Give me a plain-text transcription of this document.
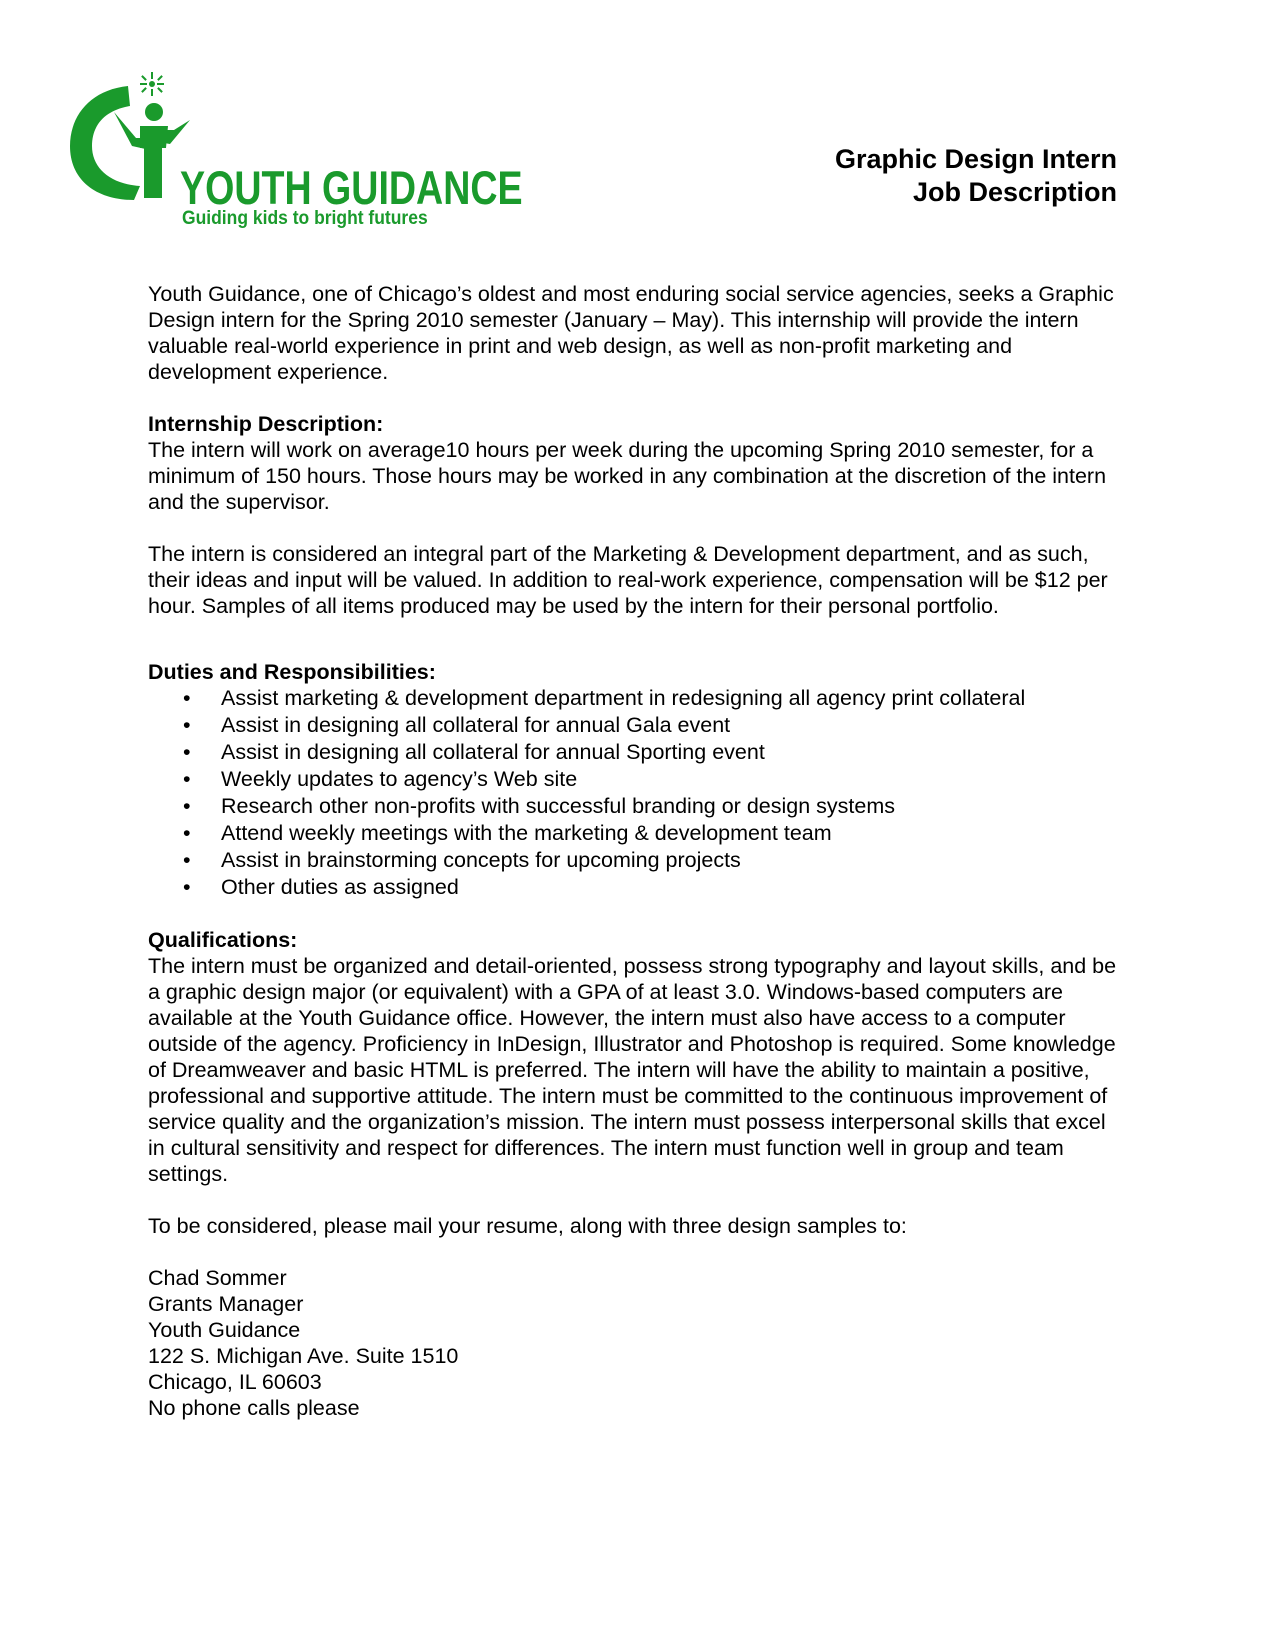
YOUTH GUIDANCE
Guiding kids to bright futures
Graphic Design Intern
Job Description

Youth Guidance, one of Chicago’s oldest and most enduring social service agencies, seeks a Graphic Design intern for the Spring 2010 semester (January – May). This internship will provide the intern valuable real-world experience in print and web design, as well as non-profit marketing and development experience.

Internship Description:

The intern will work on average10 hours per week during the upcoming Spring 2010 semester, for a minimum of 150 hours. Those hours may be worked in any combination at the discretion of the intern and the supervisor.

The intern is considered an integral part of the Marketing & Development department, and as such, their ideas and input will be valued. In addition to real-work experience, compensation will be $12 per hour. Samples of all items produced may be used by the intern for their personal portfolio.

Duties and Responsibilities:

• Assist marketing & development department in redesigning all agency print collateral
• Assist in designing all collateral for annual Gala event
• Assist in designing all collateral for annual Sporting event
• Weekly updates to agency’s Web site
• Research other non-profits with successful branding or design systems
• Attend weekly meetings with the marketing & development team
• Assist in brainstorming concepts for upcoming projects
• Other duties as assigned

Qualifications:

The intern must be organized and detail-oriented, possess strong typography and layout skills, and be a graphic design major (or equivalent) with a GPA of at least 3.0. Windows-based computers are available at the Youth Guidance office. However, the intern must also have access to a computer outside of the agency. Proficiency in InDesign, Illustrator and Photoshop is required. Some knowledge of Dreamweaver and basic HTML is preferred. The intern will have the ability to maintain a positive, professional and supportive attitude. The intern must be committed to the continuous improvement of service quality and the organization’s mission. The intern must possess interpersonal skills that excel in cultural sensitivity and respect for differences. The intern must function well in group and team settings.

To be considered, please mail your resume, along with three design samples to:

Chad Sommer

Grants Manager

Youth Guidance

122 S. Michigan Ave. Suite 1510

Chicago, IL 60603

No phone calls please
